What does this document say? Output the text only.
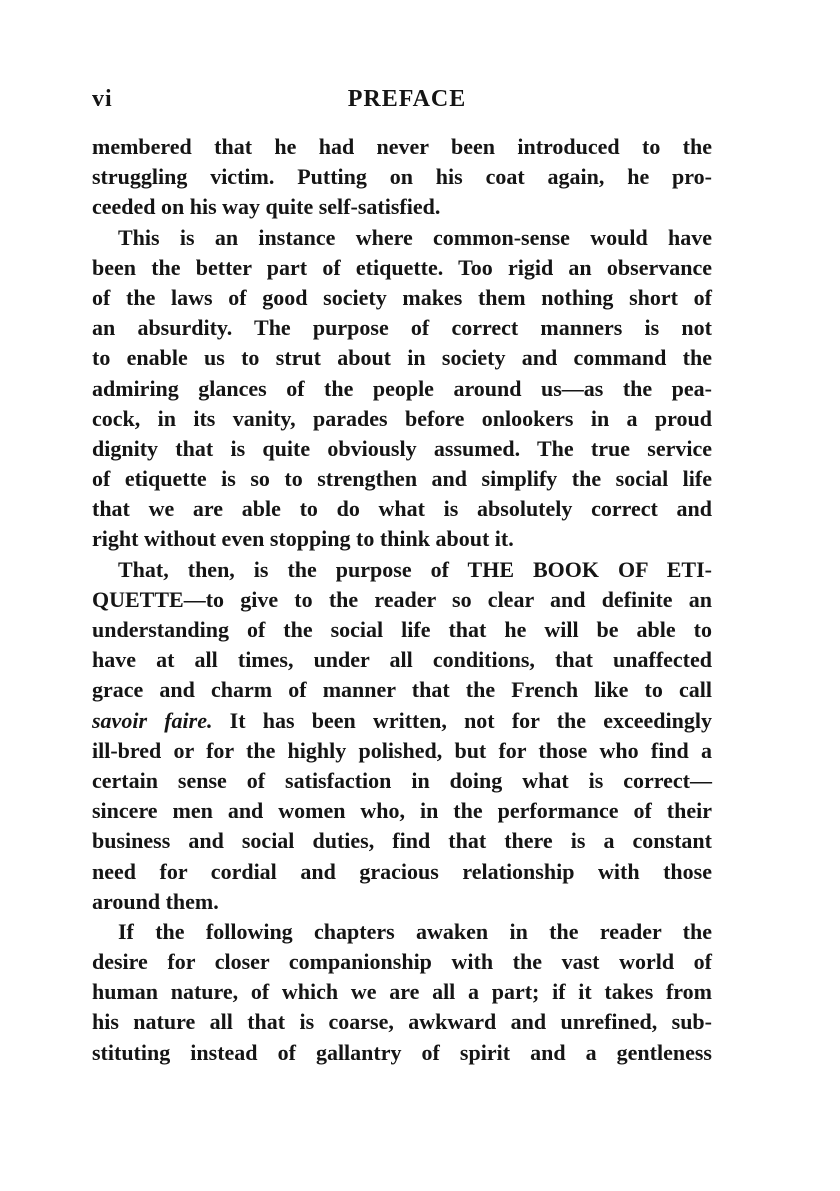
vi	PREFACE
membered that he had never been introduced to the
struggling victim. Putting on his coat again, he pro-
ceeded on his way quite self-satisfied.
This is an instance where common-sense would have
been the better part of etiquette. Too rigid an observance
of the laws of good society makes them nothing short of
an absurdity. The purpose of correct manners is not
to enable us to strut about in society and command the
admiring glances of the people around us—as the pea-
cock, in its vanity, parades before onlookers in a proud
dignity that is quite obviously assumed. The true service
of etiquette is so to strengthen and simplify the social life
that we are able to do what is absolutely correct and
right without even stopping to think about it.
That, then, is the purpose of THE BOOK OF ETI-
QUETTE—to give to the reader so clear and definite an
understanding of the social life that he will be able to
have at all times, under all conditions, that unaffected
grace and charm of manner that the French like to call
savoir faire. It has been written, not for the exceedingly
ill-bred or for the highly polished, but for those who find a
certain sense of satisfaction in doing what is correct—
sincere men and women who, in the performance of their
business and social duties, find that there is a constant
need for cordial and gracious relationship with those
around them.
If the following chapters awaken in the reader the
desire for closer companionship with the vast world of
human nature, of which we are all a part; if it takes from
his nature all that is coarse, awkward and unrefined, sub-
stituting instead of gallantry of spirit and a gentleness
